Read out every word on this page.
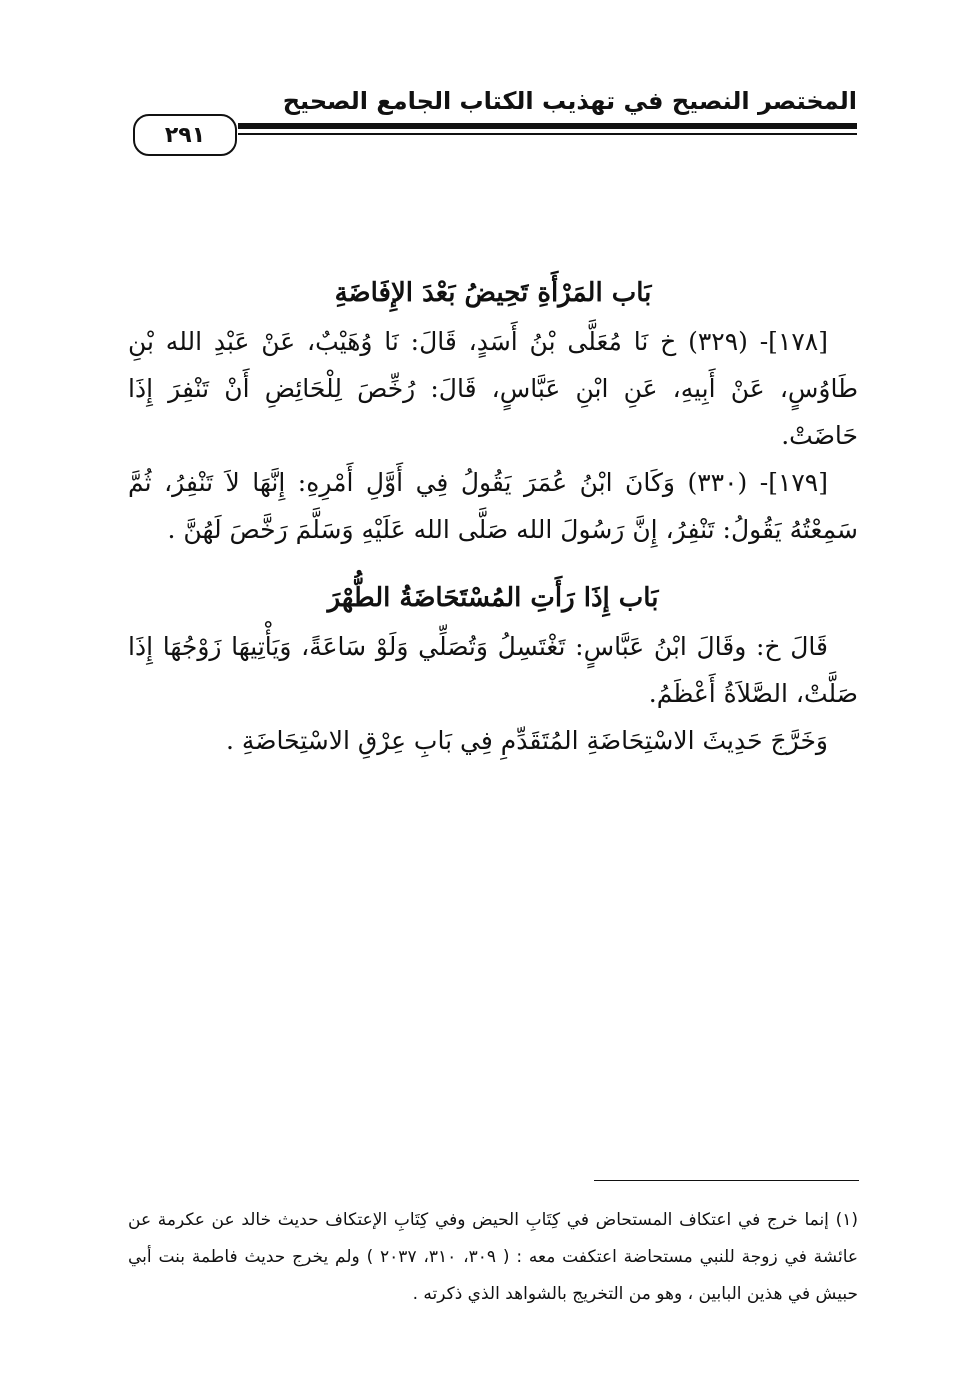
المختصر النصيح في تهذيب الكتاب الجامع الصحيح
٢٩١

بَاب المَرْأَةِ تَحِيضُ بَعْدَ الإِفَاضَةِ

[١٧٨]- (٣٢٩) خ نَا مُعَلَّى بْنُ أَسَدٍ، قَالَ: نَا وُهَيْبٌ، عَنْ عَبْدِ الله بْنِ طَاوُسٍ، عَنْ أَبِيهِ، عَنِ ابْنِ عَبَّاسٍ، قَالَ: رُخِّصَ لِلْحَائِضِ أَنْ تَنْفِرَ إِذَا حَاضَتْ.

[١٧٩]- (٣٣٠) وَكَانَ ابْنُ عُمَرَ يَقُولُ فِي أَوَّلِ أَمْرِهِ: إِنَّهَا لاَ تَنْفِرُ، ثُمَّ سَمِعْتُهُ يَقُولُ: تَنْفِرُ، إِنَّ رَسُولَ الله صَلَّى الله عَلَيْهِ وَسَلَّمَ رَخَّصَ لَهُنَّ .

بَاب إِذَا رَأَتِ المُسْتَحَاضَةُ الطُّهْرَ

قَالَ خ: وقَالَ ابْنُ عَبَّاسٍ: تَغْتَسِلُ وَتُصَلِّي وَلَوْ سَاعَةً، وَيَأْتِيهَا زَوْجُهَا إِذَا صَلَّتْ، الصَّلاَةُ أَعْظَمُ.

وَخَرَّجَ حَدِيثَ الاسْتِحَاضَةِ المُتَقَدِّمِ فِي بَابِ عِرْقِ الاسْتِحَاضَةِ .

(١) إنما خرج في اعتكاف المستحاض في كِتَابِ الحيض وفي كِتَابِ الإعتكاف حديث خالد عن عكرمة عن عائشة في زوجة للنبي مستحاضة اعتكفت معه : ( ٣٠٩، ٣١٠، ٢٠٣٧ ) ولم يخرج حديث فاطمة بنت أبي حبيش في هذين البابين ، وهو من التخريج بالشواهد الذي ذكرته .
